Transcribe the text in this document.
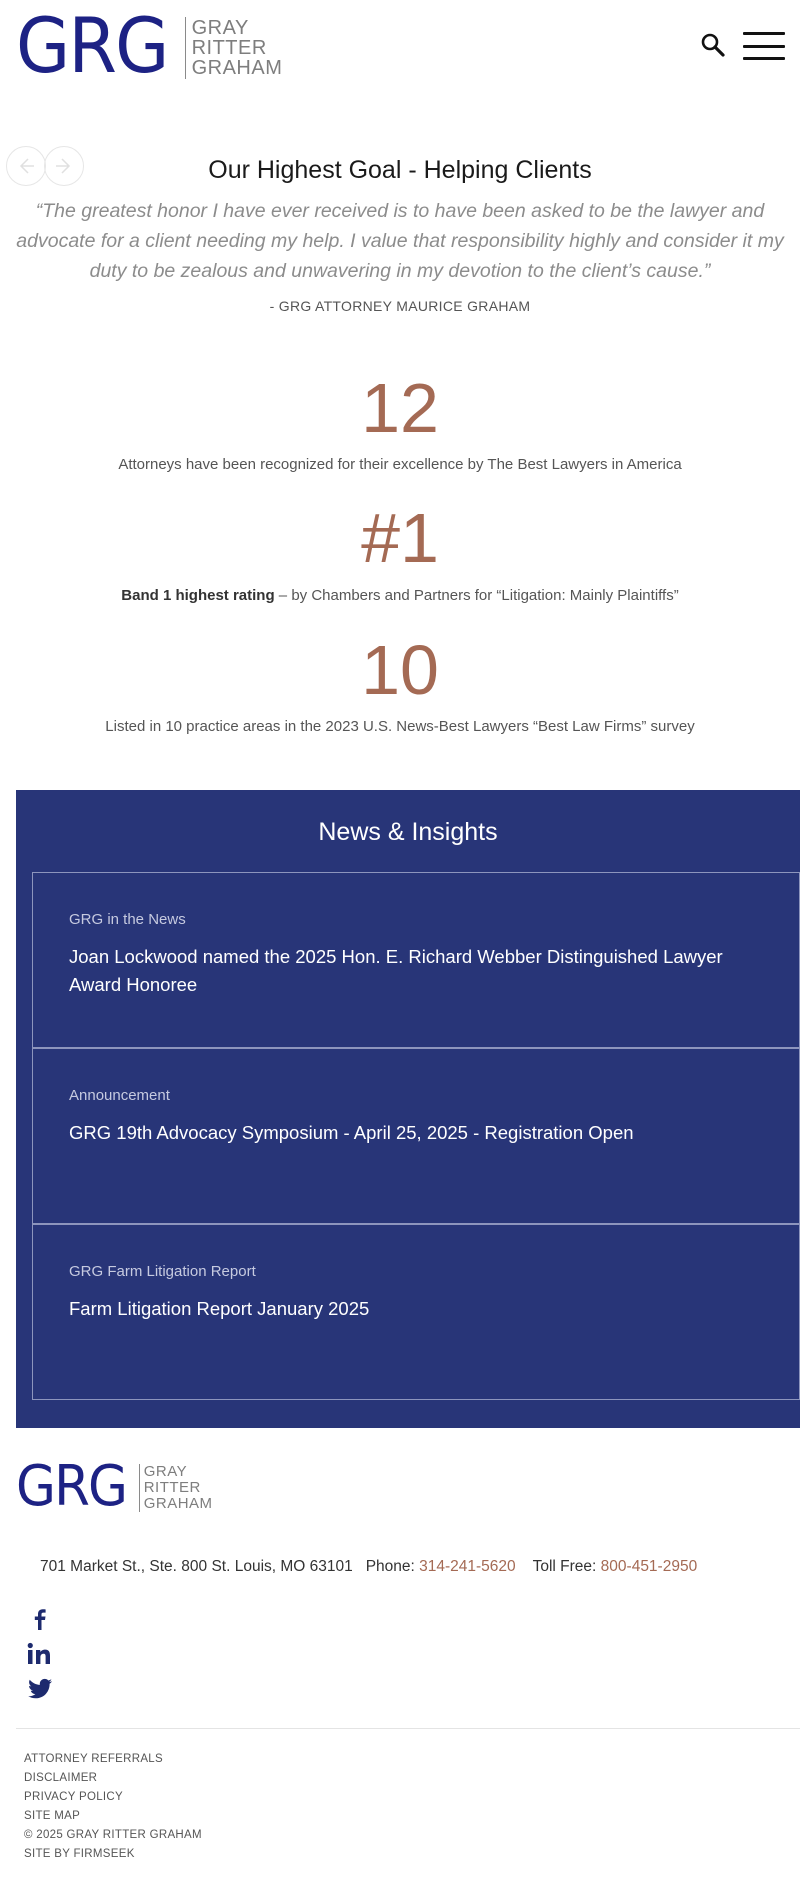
GRG GRAY
RITTER
GRAHAM
Our Highest Goal - Helping Clients
“The greatest honor I have ever received is to have been asked to be the lawyer and advocate for a client needing my help. I value that responsibility highly and consider it my duty to be zealous and unwavering in my devotion to the client’s cause.”
- GRG ATTORNEY MAURICE GRAHAM
12
Attorneys have been recognized for their excellence by The Best Lawyers in America
#1
Band 1 highest rating – by Chambers and Partners for “Litigation: Mainly Plaintiffs”
10
Listed in 10 practice areas in the 2023 U.S. News-Best Lawyers “Best Law Firms” survey
News & Insights
GRG in the News
Joan Lockwood named the 2025 Hon. E. Richard Webber Distinguished Lawyer Award Honoree
Announcement
GRG 19th Advocacy Symposium - April 25, 2025 - Registration Open
GRG Farm Litigation Report
Farm Litigation Report January 2025
GRG GRAY
RITTER
GRAHAM
701 Market St., Ste. 800 St. Louis, MO 63101 Phone: 314-241-5620 Toll Free: 800-451-2950
ATTORNEY REFERRALS
DISCLAIMER
PRIVACY POLICY
SITE MAP
© 2025 GRAY RITTER GRAHAM
SITE BY FIRMSEEK
